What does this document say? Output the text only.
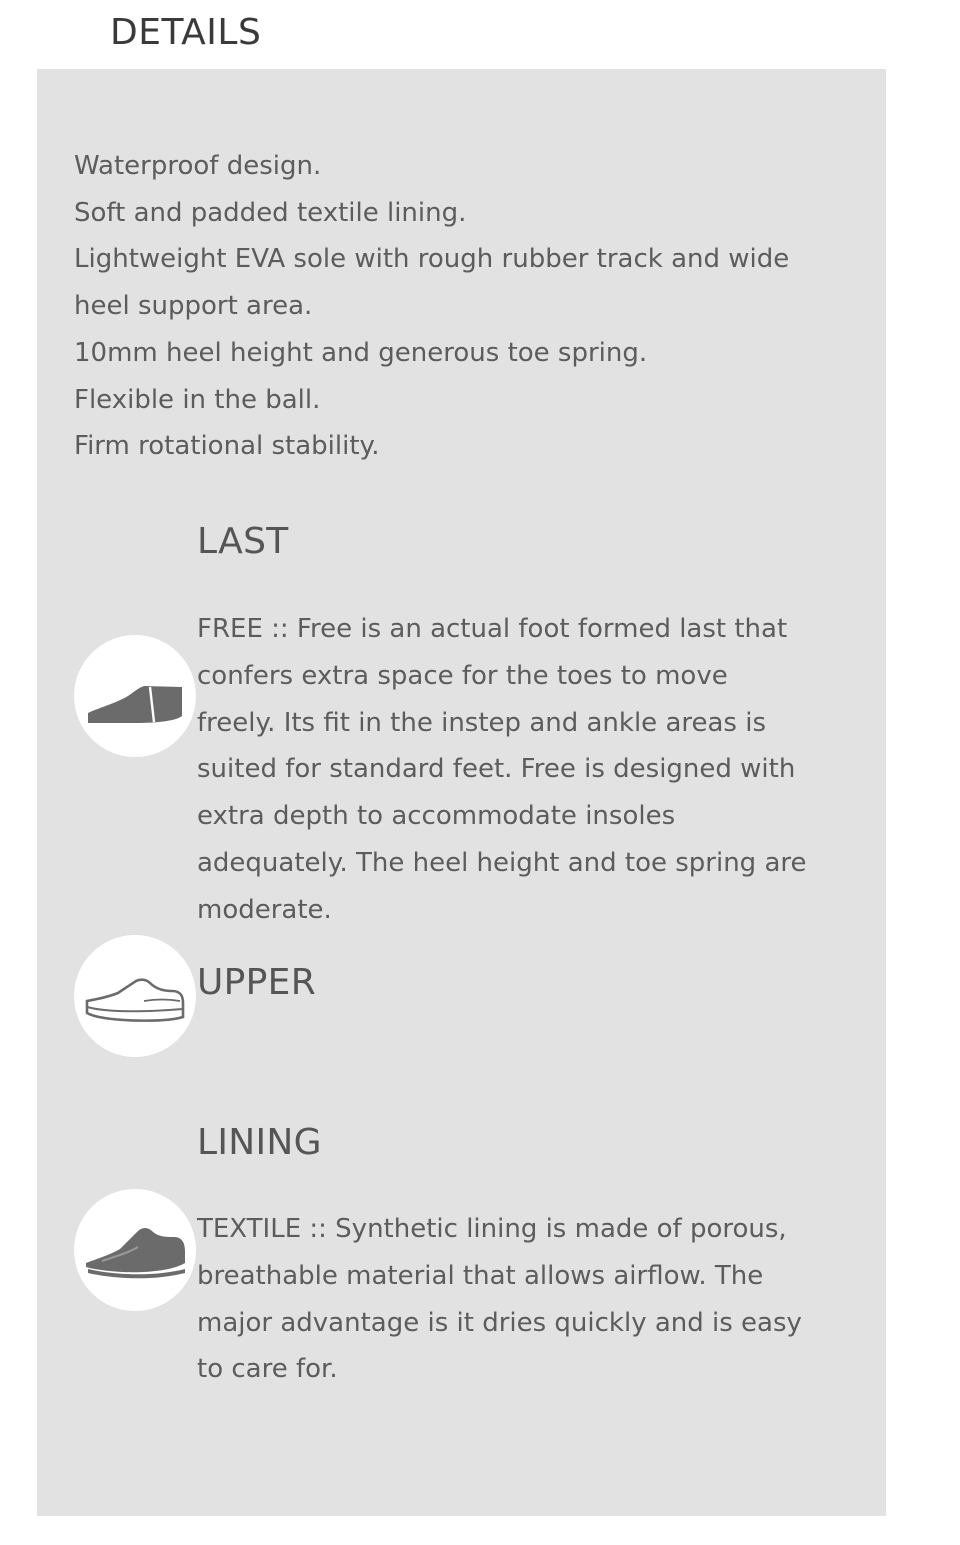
DETAILS
Waterproof design.
Soft and padded textile lining.
Lightweight EVA sole with rough rubber track and wide heel support area.
10mm heel height and generous toe spring.
Flexible in the ball.
Firm rotational stability.
LAST
FREE :: Free is an actual foot formed last that confers extra space for the toes to move freely. Its fit in the instep and ankle areas is suited for standard feet. Free is designed with extra depth to accommodate insoles adequately. The heel height and toe spring are moderate.
UPPER
LINING
TEXTILE :: Synthetic lining is made of porous, breathable material that allows airflow. The major advantage is it dries quickly and is easy to care for.
